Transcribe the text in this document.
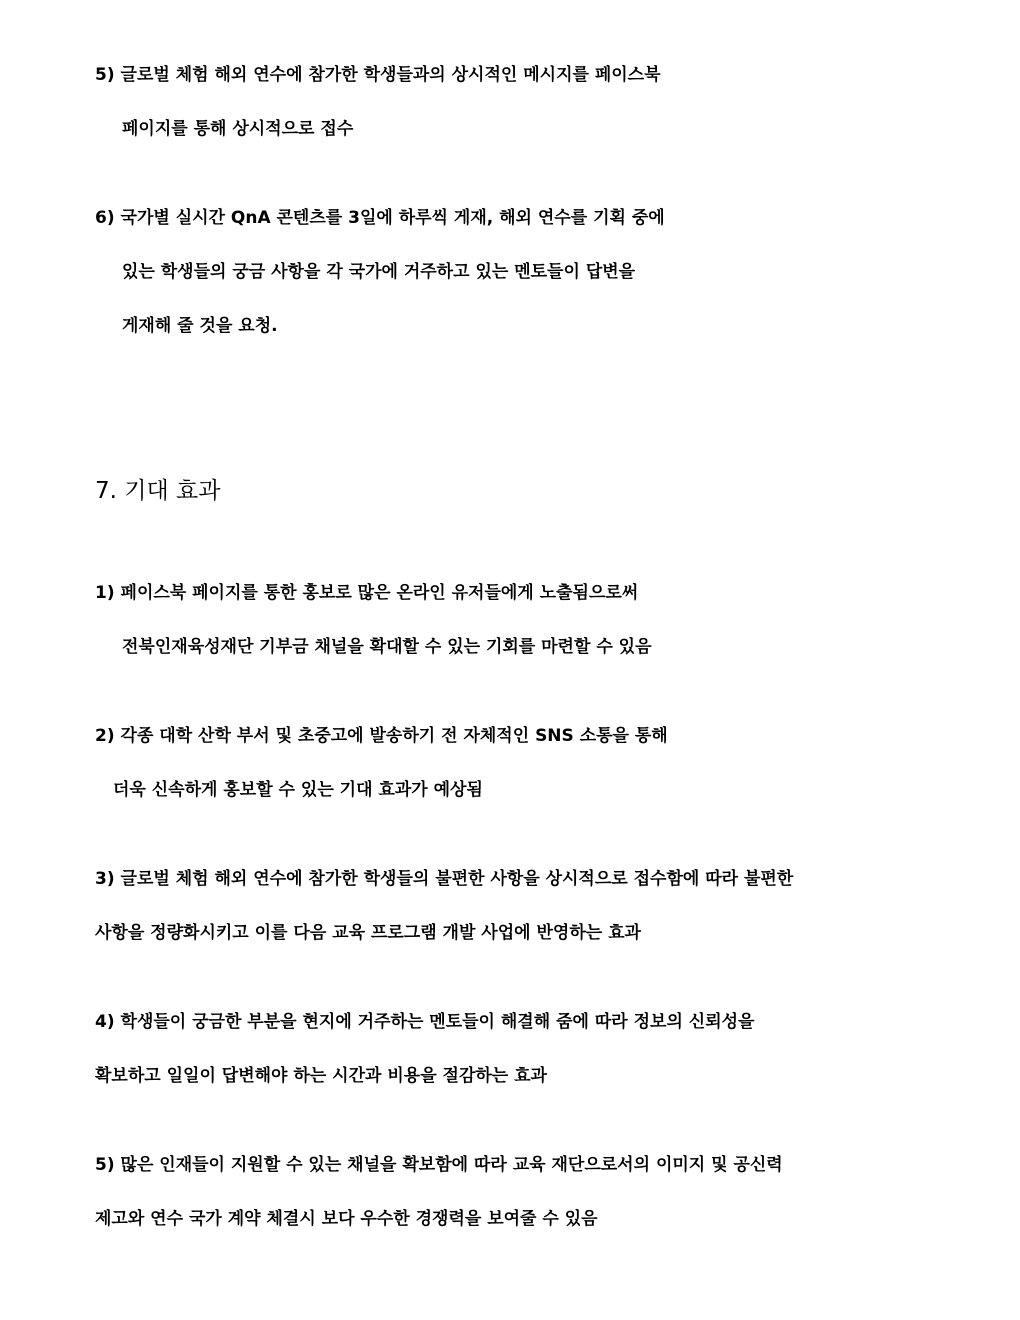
5) 글로벌 체험 해외 연수에 참가한 학생들과의 상시적인 메시지를 페이스북
페이지를 통해 상시적으로 접수
6) 국가별 실시간 QnA 콘텐츠를 3일에 하루씩 게재, 해외 연수를 기획 중에
있는 학생들의 궁금 사항을 각 국가에 거주하고 있는 멘토들이 답변을
게재해 줄 것을 요청.
7. 기대 효과
1) 페이스북 페이지를 통한 홍보로 많은 온라인 유저들에게 노출됨으로써
전북인재육성재단 기부금 채널을 확대할 수 있는 기회를 마련할 수 있음
2) 각종 대학 산학 부서 및 초중고에 발송하기 전 자체적인 SNS 소통을 통해
더욱 신속하게 홍보할 수 있는 기대 효과가 예상됨
3) 글로벌 체험 해외 연수에 참가한 학생들의 불편한 사항을 상시적으로 접수함에 따라 불편한
사항을 정량화시키고 이를 다음 교육 프로그램 개발 사업에 반영하는 효과
4) 학생들이 궁금한 부분을 현지에 거주하는 멘토들이 해결해 줌에 따라 정보의 신뢰성을
확보하고 일일이 답변해야 하는 시간과 비용을 절감하는 효과
5) 많은 인재들이 지원할 수 있는 채널을 확보함에 따라 교육 재단으로서의 이미지 및 공신력
제고와 연수 국가 계약 체결시 보다 우수한 경쟁력을 보여줄 수 있음
